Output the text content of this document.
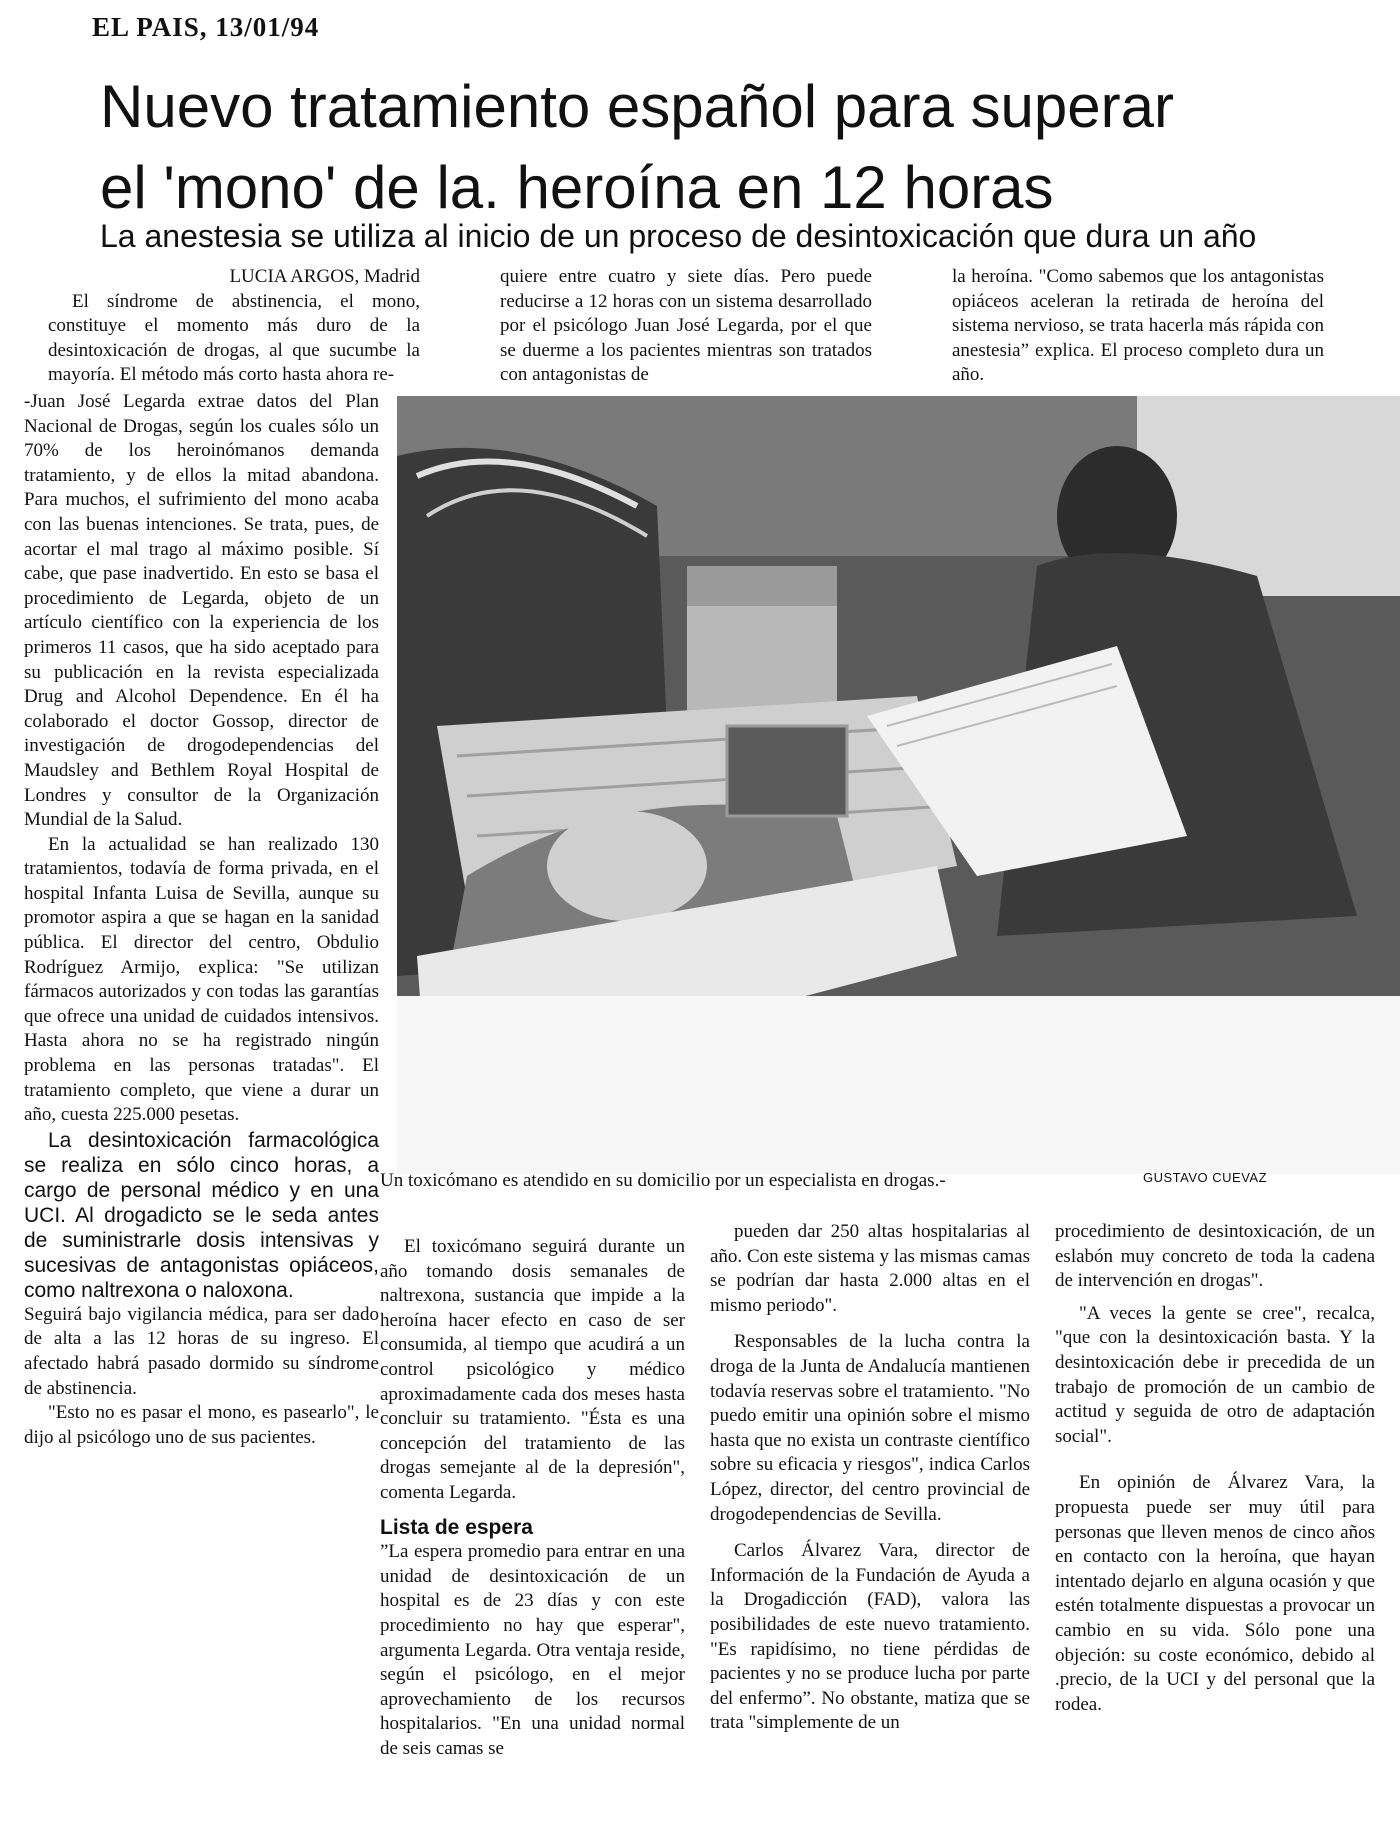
EL PAIS, 13/01/94
Nuevo tratamiento español para superar
el 'mono' de la. heroína en 12 horas
La anestesia se utiliza al inicio de un proceso de desintoxicación que dura un año

LUCIA ARGOS, Madrid

El síndrome de abstinencia, el mono, constituye el momento más duro de la desintoxicación de drogas, al que sucumbe la mayoría. El método más corto hasta ahora re-

quiere entre cuatro y siete días. Pero puede reducirse a 12 horas con un sistema desarrollado por el psicólogo Juan José Legarda, por el que se duerme a los pacientes mientras son tratados con antagonistas de

la heroína. "Como sabemos que los antagonistas opiáceos aceleran la retirada de heroína del sistema nervioso, se trata hacerla más rápida con anestesia” explica. El proceso completo dura un año.

-Juan José Legarda extrae datos del Plan Nacional de Drogas, según los cuales sólo un 70% de los heroinómanos demanda tratamiento, y de ellos la mitad abandona. Para muchos, el sufrimiento del mono acaba con las buenas intenciones. Se trata, pues, de acortar el mal trago al máximo posible. Sí cabe, que pase inadvertido. En esto se basa el procedimiento de Legarda, objeto de un artículo científico con la experiencia de los primeros 11 casos, que ha sido aceptado para su publicación en la revista especializada Drug and Alcohol Dependence. En él ha colaborado el doctor Gossop, director de investigación de drogodependencias del Maudsley and Bethlem Royal Hospital de Londres y consultor de la Organización Mundial de la Salud.

En la actualidad se han realizado 130 tratamientos, todavía de forma privada, en el hospital Infanta Luisa de Sevilla, aunque su promotor aspira a que se hagan en la sanidad pública. El director del centro, Obdulio Rodríguez Armijo, explica: "Se utilizan fármacos autorizados y con todas las garantías que ofrece una unidad de cuidados intensivos. Hasta ahora no se ha registrado ningún problema en las personas tratadas". El tratamiento completo, que viene a durar un año, cuesta 225.000 pesetas.

La desintoxicación farmacológica se realiza en sólo cinco horas, a cargo de personal médico y en una UCI. Al drogadicto se le seda antes de suministrarle dosis intensivas y sucesivas de antagonistas opiáceos, como naltrexona o naloxona.

Seguirá bajo vigilancia médica, para ser dado de alta a las 12 horas de su ingreso. El afectado habrá pasado dormido su síndrome de abstinencia.

"Esto no es pasar el mono, es pasearlo", le dijo al psicólogo uno de sus pacientes.

Un toxicómano es atendido en su domicilio por un especialista en drogas.-	GUSTAVO CUEVAZ

El toxicómano seguirá durante un año tomando dosis semanales de naltrexona, sustancia que impide a la heroína hacer efecto en caso de ser consumida, al tiempo que acudirá a un control psicológico y médico aproximadamente cada dos meses hasta concluir su tratamiento. "Ésta es una concepción del tratamiento de las drogas semejante al de la depresión", comenta Legarda.

Lista de espera

”La espera promedio para entrar en una unidad de desintoxicación de un hospital es de 23 días y con este procedimiento no hay que esperar", argumenta Legarda. Otra ventaja reside, según el psicólogo, en el mejor aprovechamiento de los recursos hospitalarios. "En una unidad normal de seis camas se

pueden dar 250 altas hospitalarias al año. Con este sistema y las mismas camas se podrían dar hasta 2.000 altas en el mismo periodo".

Responsables de la lucha contra la droga de la Junta de Andalucía mantienen todavía reservas sobre el tratamiento. "No puedo emitir una opinión sobre el mismo hasta que no exista un contraste científico sobre su eficacia y riesgos", indica Carlos López, director, del centro provincial de drogodependencias de Sevilla.

Carlos Álvarez Vara, director de Información de la Fundación de Ayuda a la Drogadicción (FAD), valora las posibilidades de este nuevo tratamiento. "Es rapidísimo, no tiene pérdidas de pacientes y no se produce lucha por parte del enfermo”. No obstante, matiza que se trata "simplemente de un

procedimiento de desintoxicación, de un eslabón muy concreto de toda la cadena de intervención en drogas".

"A veces la gente se cree", recalca, "que con la desintoxicación basta. Y la desintoxicación debe ir precedida de un trabajo de promoción de un cambio de actitud y seguida de otro de adaptación social".

En opinión de Álvarez Vara, la propuesta puede ser muy útil para personas que lleven menos de cinco años en contacto con la heroína, que hayan intentado dejarlo en alguna ocasión y que estén totalmente dispuestas a provocar un cambio en su vida. Sólo pone una objeción: su coste económico, debido al .precio, de la UCI y del personal que la rodea.
